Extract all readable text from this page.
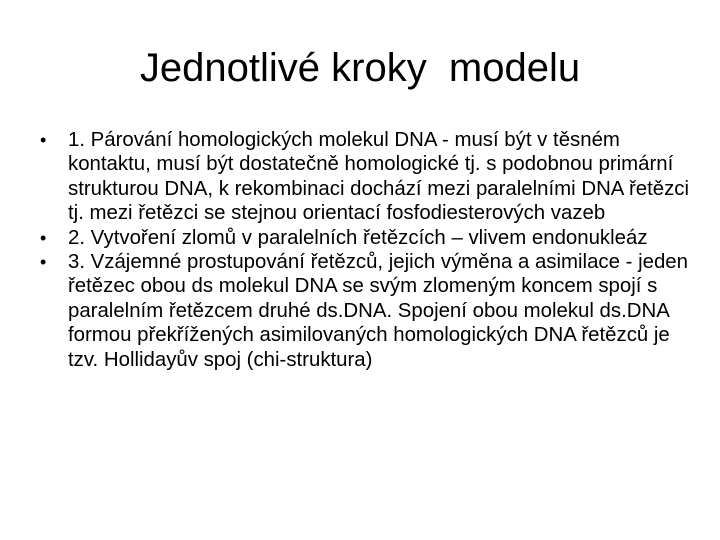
Jednotlivé kroky  modelu
• 1. Párování homologických molekul DNA - musí být v těsném kontaktu, musí být dostatečně homologické tj. s podobnou primární strukturou DNA, k rekombinaci dochází mezi paralelními DNA řetězci tj. mezi řetězci se stejnou orientací fosfodiesterových vazeb
• 2. Vytvoření zlomů v paralelních řetězcích – vlivem endonukleáz
• 3. Vzájemné prostupování řetězců, jejich výměna a asimilace - jeden řetězec obou ds molekul DNA se svým zlomeným koncem spojí s paralelním řetězcem druhé ds.DNA. Spojení obou molekul ds.DNA formou překřížených asimilovaných homologických DNA řetězců je tzv. Hollidayův spoj (chi-struktura)
